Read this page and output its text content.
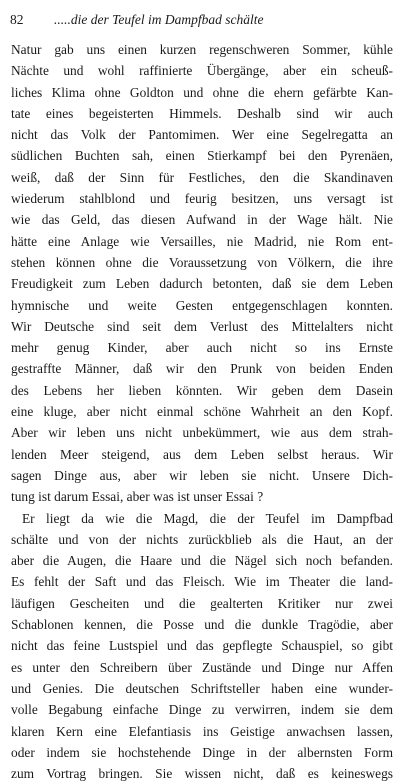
82 .....die der Teufel im Dampfbad schälte
Natur gab uns einen kurzen regenschweren Sommer, kühle
Nächte und wohl raffinierte Übergänge, aber ein scheuß-
liches Klima ohne Goldton und ohne die ehern gefärbte Kan-
tate eines begeisterten Himmels. Deshalb sind wir auch
nicht das Volk der Pantomimen. Wer eine Segelregatta an
südlichen Buchten sah, einen Stierkampf bei den Pyrenäen,
weiß, daß der Sinn für Festliches, den die Skandinaven
wiederum stahlblond und feurig besitzen, uns versagt ist
wie das Geld, das diesen Aufwand in der Wage hält. Nie
hätte eine Anlage wie Versailles, nie Madrid, nie Rom ent-
stehen können ohne die Voraussetzung von Völkern, die ihre
Freudigkeit zum Leben dadurch betonten, daß sie dem Leben
hymnische und weite Gesten entgegenschlagen konnten.
Wir Deutsche sind seit dem Verlust des Mittelalters nicht
mehr genug Kinder, aber auch nicht so ins Ernste
gestraffte Männer, daß wir den Prunk von beiden Enden
des Lebens her lieben könnten. Wir geben dem Dasein
eine kluge, aber nicht einmal schöne Wahrheit an den Kopf.
Aber wir leben uns nicht unbekümmert, wie aus dem strah-
lenden Meer steigend, aus dem Leben selbst heraus. Wir
sagen Dinge aus, aber wir leben sie nicht. Unsere Dich-
tung ist darum Essai, aber was ist unser Essai ?
Er liegt da wie die Magd, die der Teufel im Dampfbad
schälte und von der nichts zurückblieb als die Haut, an der
aber die Augen, die Haare und die Nägel sich noch befanden.
Es fehlt der Saft und das Fleisch. Wie im Theater die land-
läufigen Gescheiten und die gealterten Kritiker nur zwei
Schablonen kennen, die Posse und die dunkle Tragödie, aber
nicht das feine Lustspiel und das gepflegte Schauspiel, so gibt
es unter den Schreibern über Zustände und Dinge nur Affen
und Genies. Die deutschen Schriftsteller haben eine wunder-
volle Begabung einfache Dinge zu verwirren, indem sie dem
klaren Kern eine Elefantiasis ins Geistige anwachsen lassen,
oder indem sie hochstehende Dinge in der albernsten Form
zum Vortrag bringen. Sie wissen nicht, daß es keineswegs
